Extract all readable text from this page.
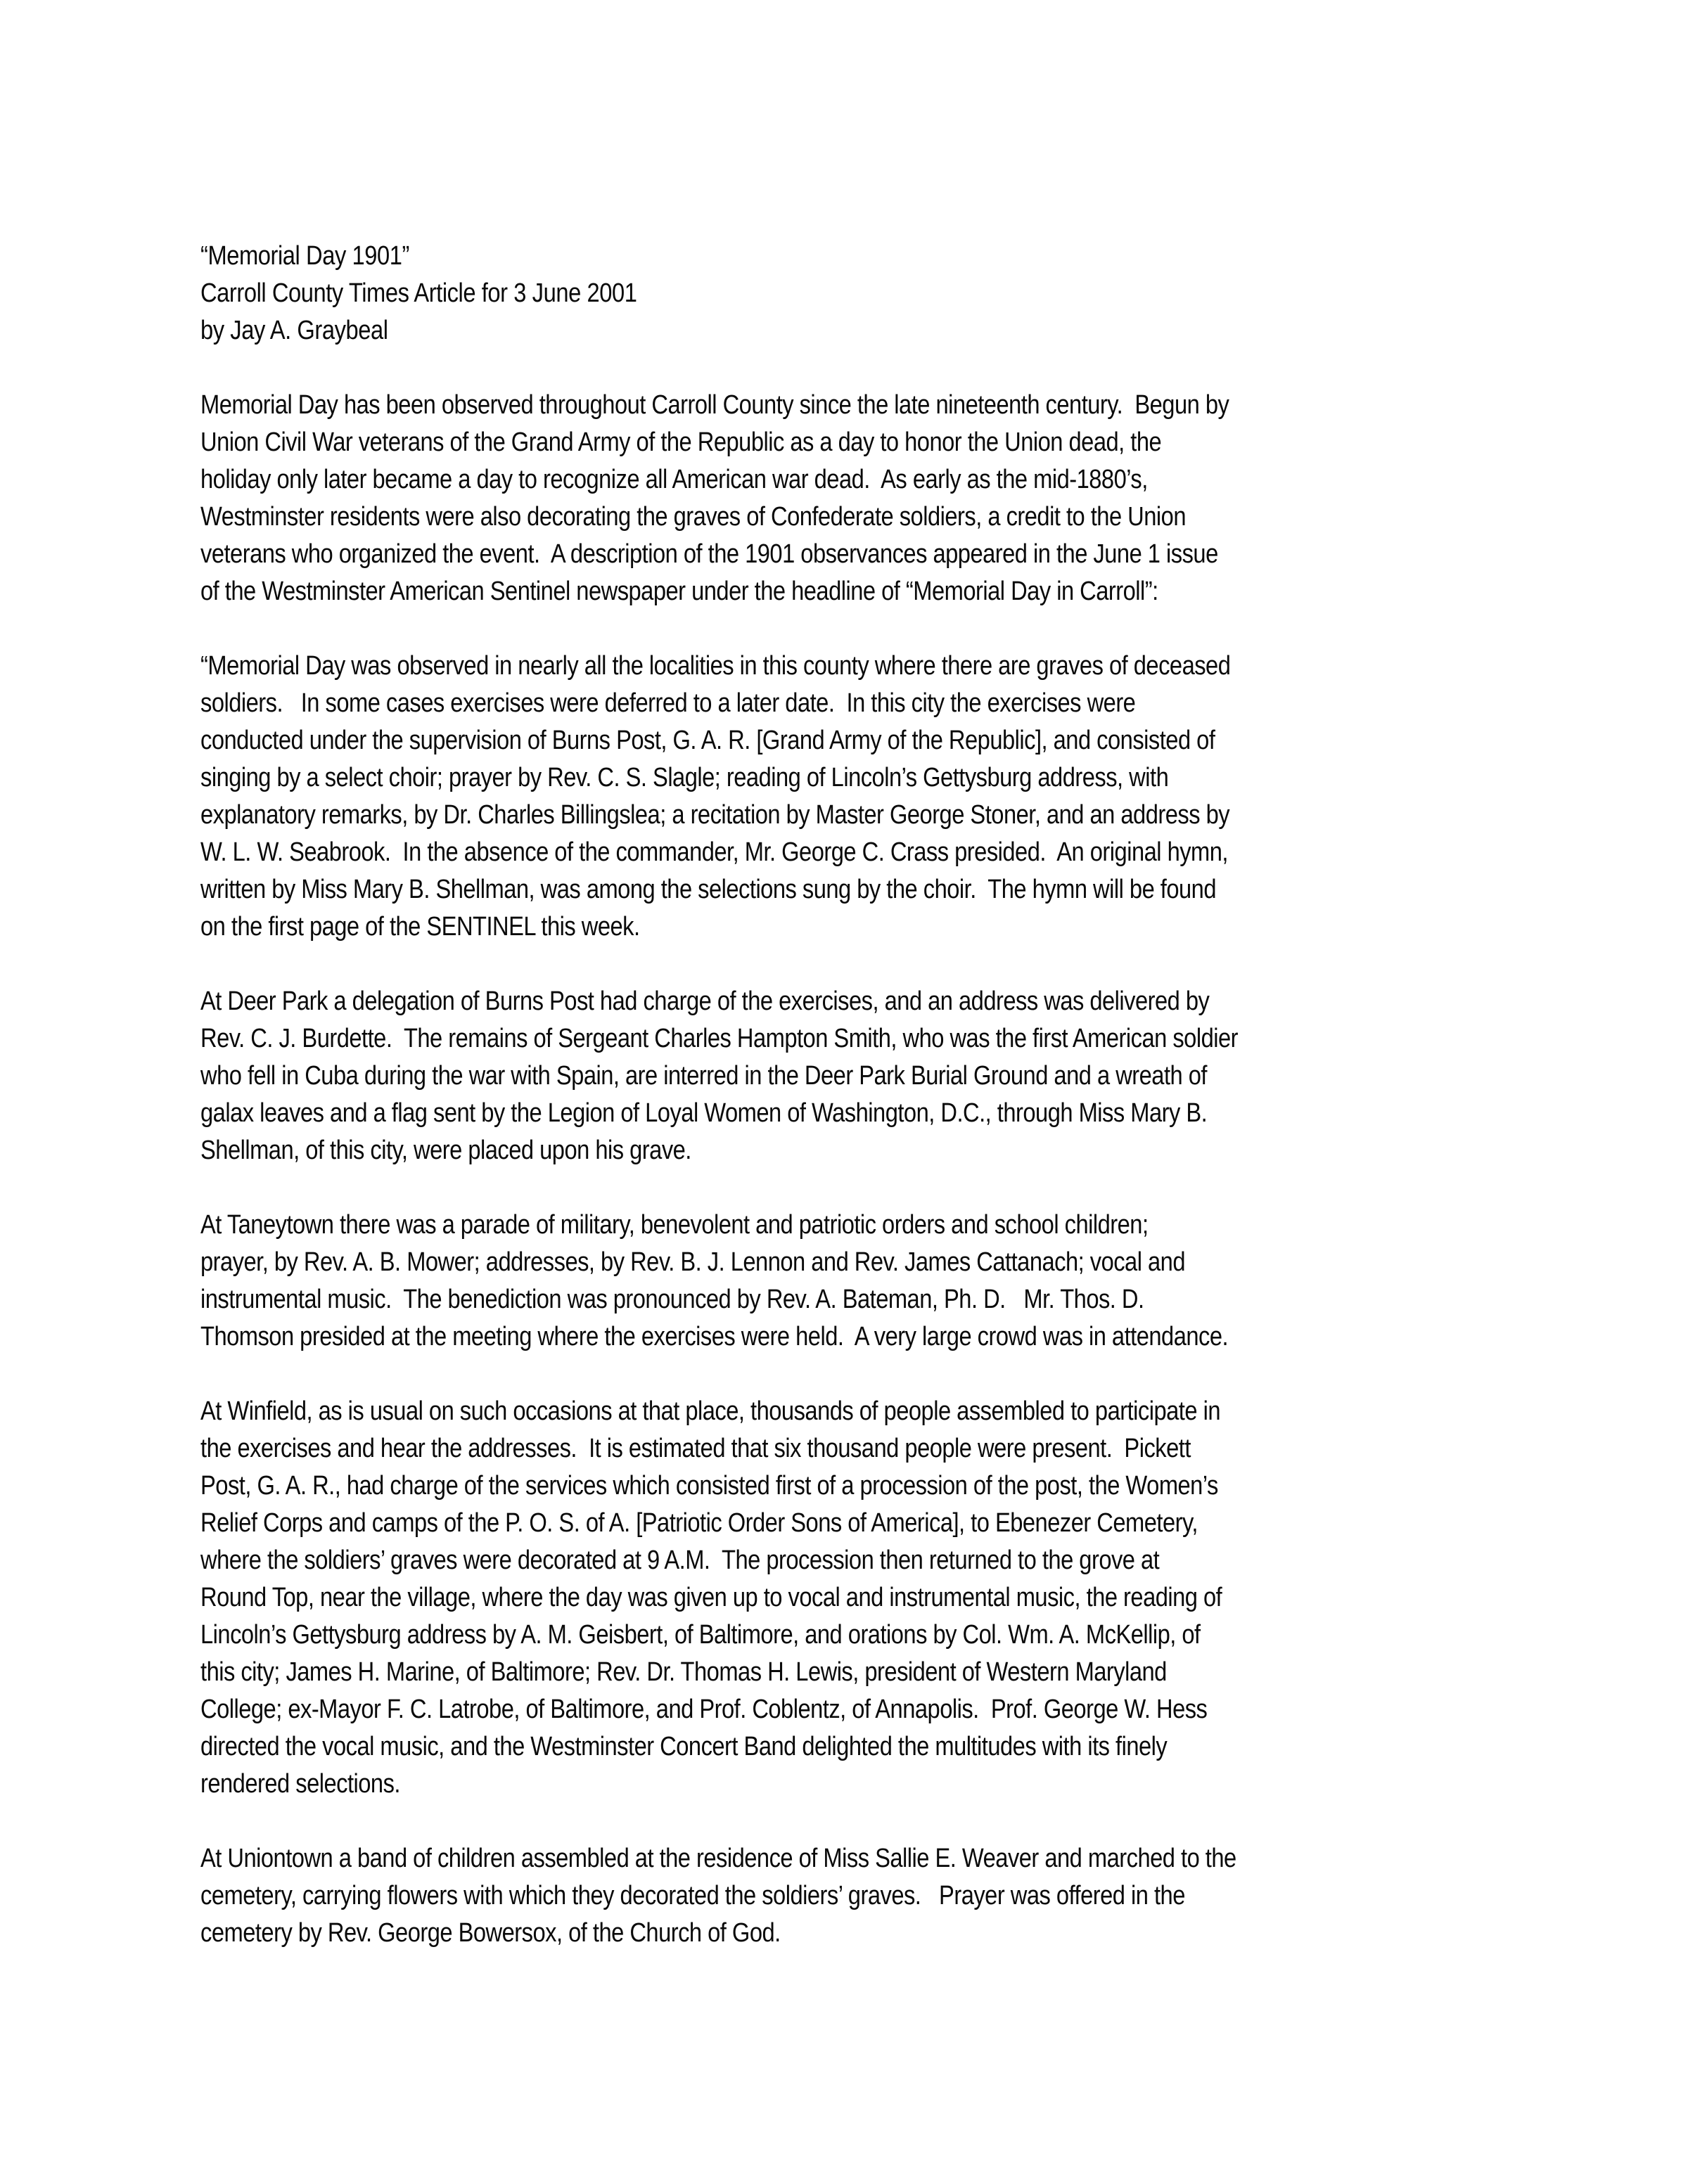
“Memorial Day 1901”
Carroll County Times Article for 3 June 2001
by Jay A. Graybeal
Memorial Day has been observed throughout Carroll County since the late nineteenth century.  Begun by
Union Civil War veterans of the Grand Army of the Republic as a day to honor the Union dead, the
holiday only later became a day to recognize all American war dead.  As early as the mid-1880’s,
Westminster residents were also decorating the graves of Confederate soldiers, a credit to the Union
veterans who organized the event.  A description of the 1901 observances appeared in the June 1 issue
of the Westminster American Sentinel newspaper under the headline of “Memorial Day in Carroll”:
“Memorial Day was observed in nearly all the localities in this county where there are graves of deceased
soldiers.   In some cases exercises were deferred to a later date.  In this city the exercises were
conducted under the supervision of Burns Post, G. A. R. [Grand Army of the Republic], and consisted of
singing by a select choir; prayer by Rev. C. S. Slagle; reading of Lincoln’s Gettysburg address, with
explanatory remarks, by Dr. Charles Billingslea; a recitation by Master George Stoner, and an address by
W. L. W. Seabrook.  In the absence of the commander, Mr. George C. Crass presided.  An original hymn,
written by Miss Mary B. Shellman, was among the selections sung by the choir.  The hymn will be found
on the first page of the SENTINEL this week.
At Deer Park a delegation of Burns Post had charge of the exercises, and an address was delivered by
Rev. C. J. Burdette.  The remains of Sergeant Charles Hampton Smith, who was the first American soldier
who fell in Cuba during the war with Spain, are interred in the Deer Park Burial Ground and a wreath of
galax leaves and a flag sent by the Legion of Loyal Women of Washington, D.C., through Miss Mary B.
Shellman, of this city, were placed upon his grave.
At Taneytown there was a parade of military, benevolent and patriotic orders and school children;
prayer, by Rev. A. B. Mower; addresses, by Rev. B. J. Lennon and Rev. James Cattanach; vocal and
instrumental music.  The benediction was pronounced by Rev. A. Bateman, Ph. D.   Mr. Thos. D.
Thomson presided at the meeting where the exercises were held.  A very large crowd was in attendance.
At Winfield, as is usual on such occasions at that place, thousands of people assembled to participate in
the exercises and hear the addresses.  It is estimated that six thousand people were present.  Pickett
Post, G. A. R., had charge of the services which consisted first of a procession of the post, the Women’s
Relief Corps and camps of the P. O. S. of A. [Patriotic Order Sons of America], to Ebenezer Cemetery,
where the soldiers’ graves were decorated at 9 A.M.  The procession then returned to the grove at
Round Top, near the village, where the day was given up to vocal and instrumental music, the reading of
Lincoln’s Gettysburg address by A. M. Geisbert, of Baltimore, and orations by Col. Wm. A. McKellip, of
this city; James H. Marine, of Baltimore; Rev. Dr. Thomas H. Lewis, president of Western Maryland
College; ex-Mayor F. C. Latrobe, of Baltimore, and Prof. Coblentz, of Annapolis.  Prof. George W. Hess
directed the vocal music, and the Westminster Concert Band delighted the multitudes with its finely
rendered selections.
At Uniontown a band of children assembled at the residence of Miss Sallie E. Weaver and marched to the
cemetery, carrying flowers with which they decorated the soldiers’ graves.   Prayer was offered in the
cemetery by Rev. George Bowersox, of the Church of God.
